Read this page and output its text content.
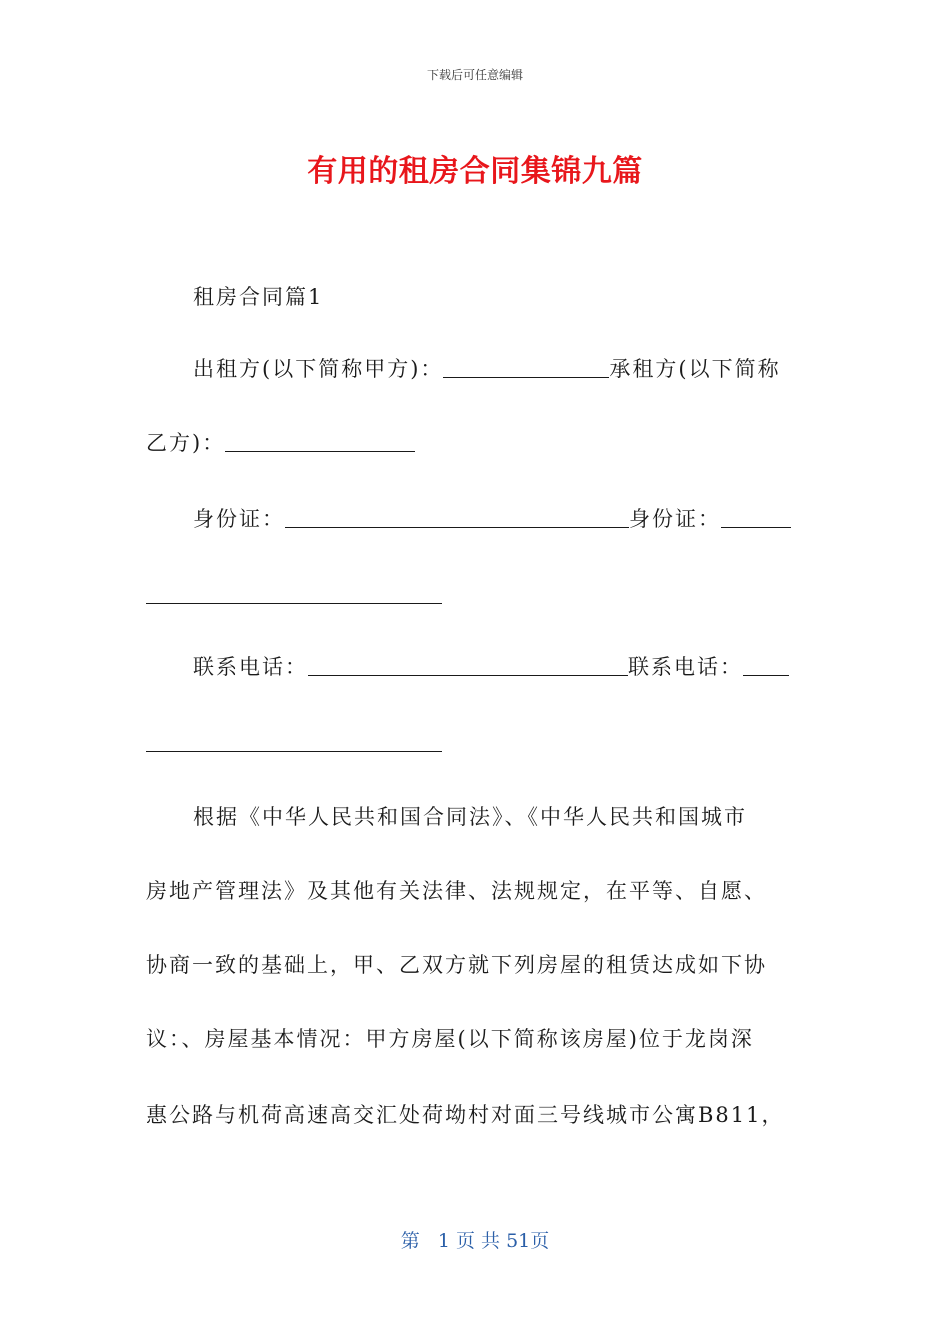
下载后可任意编辑
有用的租房合同集锦九篇
租房合同篇1
出租方(以下简称甲方)：	承租方(以下简称
乙方)：
身份证：	身份证：
联系电话：	联系电话：
根据《中华人民共和国合同法》、《中华人民共和国城市
房地产管理法》及其他有关法律、法规规定，在平等、自愿、
协商一致的基础上，甲、乙双方就下列房屋的租赁达成如下协
议：、房屋基本情况：甲方房屋(以下简称该房屋)位于龙岗深
惠公路与机荷高速高交汇处荷坳村对面三号线城市公寓B811，
第 1 页 共 51页
